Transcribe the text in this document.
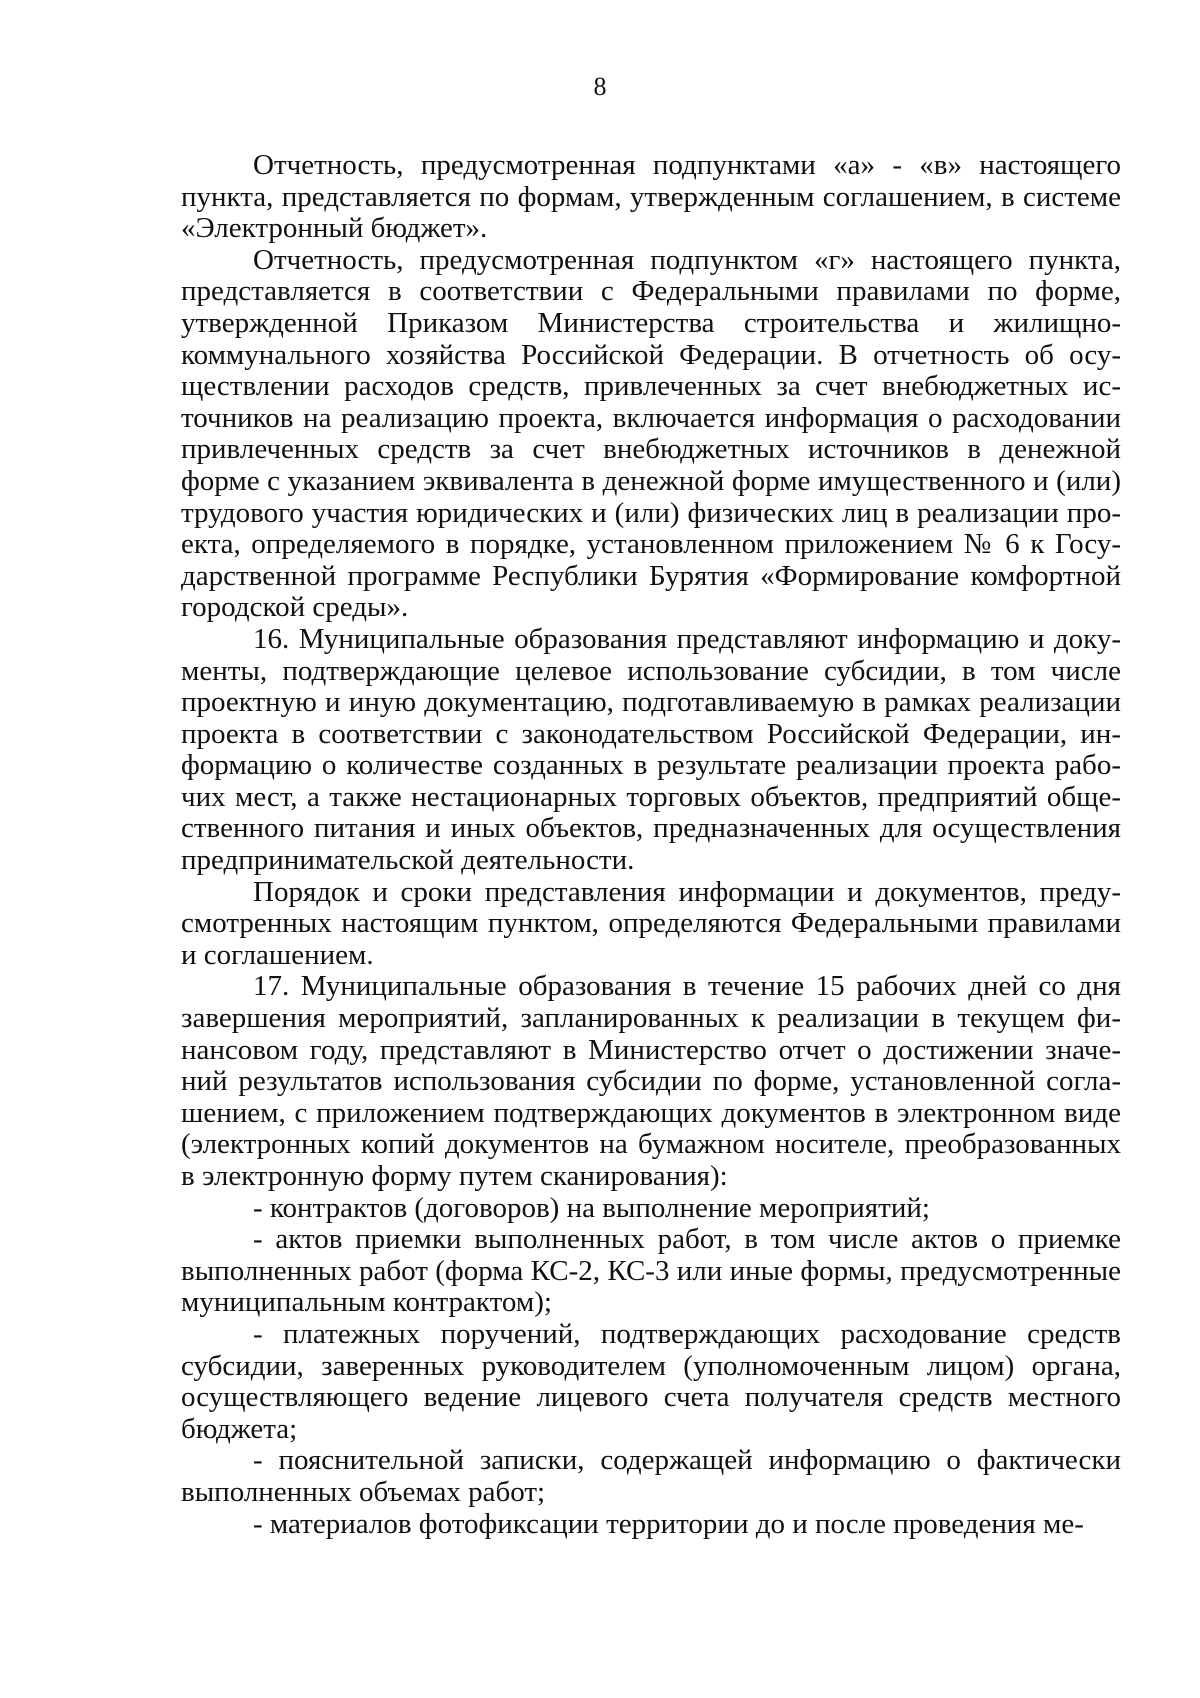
8

Отчетность, предусмотренная подпунктами «а» - «в» настоящего пункта, представляется по формам, утвержденным соглашением, в системе «Электронный бюджет».

Отчетность, предусмотренная подпунктом «г» настоящего пункта, представляется в соответствии с Федеральными правилами по форме, утвержденной Приказом Министерства строительства и жилищно-коммунального хозяйства Российской Федерации. В отчетность об осуществлении расходов средств, привлеченных за счет внебюджетных источников на реализацию проекта, включается информация о расходовании привлеченных средств за счет внебюджетных источников в денежной форме с указанием эквивалента в денежной форме имущественного и (или) трудового участия юридических и (или) физических лиц в реализации проекта, определяемого в порядке, установленном приложением № 6 к Государственной программе Республики Бурятия «Формирование комфортной городской среды».

16. Муниципальные образования представляют информацию и документы, подтверждающие целевое использование субсидии, в том числе проектную и иную документацию, подготавливаемую в рамках реализации проекта в соответствии с законодательством Российской Федерации, информацию о количестве созданных в результате реализации проекта рабочих мест, а также нестационарных торговых объектов, предприятий общественного питания и иных объектов, предназначенных для осуществления предпринимательской деятельности.

Порядок и сроки представления информации и документов, предусмотренных настоящим пунктом, определяются Федеральными правилами и соглашением.

17. Муниципальные образования в течение 15 рабочих дней со дня завершения мероприятий, запланированных к реализации в текущем финансовом году, представляют в Министерство отчет о достижении значений результатов использования субсидии по форме, установленной соглашением, с приложением подтверждающих документов в электронном виде (электронных копий документов на бумажном носителе, преобразованных в электронную форму путем сканирования):

- контрактов (договоров) на выполнение мероприятий;

- актов приемки выполненных работ, в том числе актов о приемке выполненных работ (форма КС-2, КС-3 или иные формы, предусмотренные муниципальным контрактом);

- платежных поручений, подтверждающих расходование средств субсидии, заверенных руководителем (уполномоченным лицом) органа, осуществляющего ведение лицевого счета получателя средств местного бюджета;

- пояснительной записки, содержащей информацию о фактически выполненных объемах работ;

- материалов фотофиксации территории до и после проведения ме-
